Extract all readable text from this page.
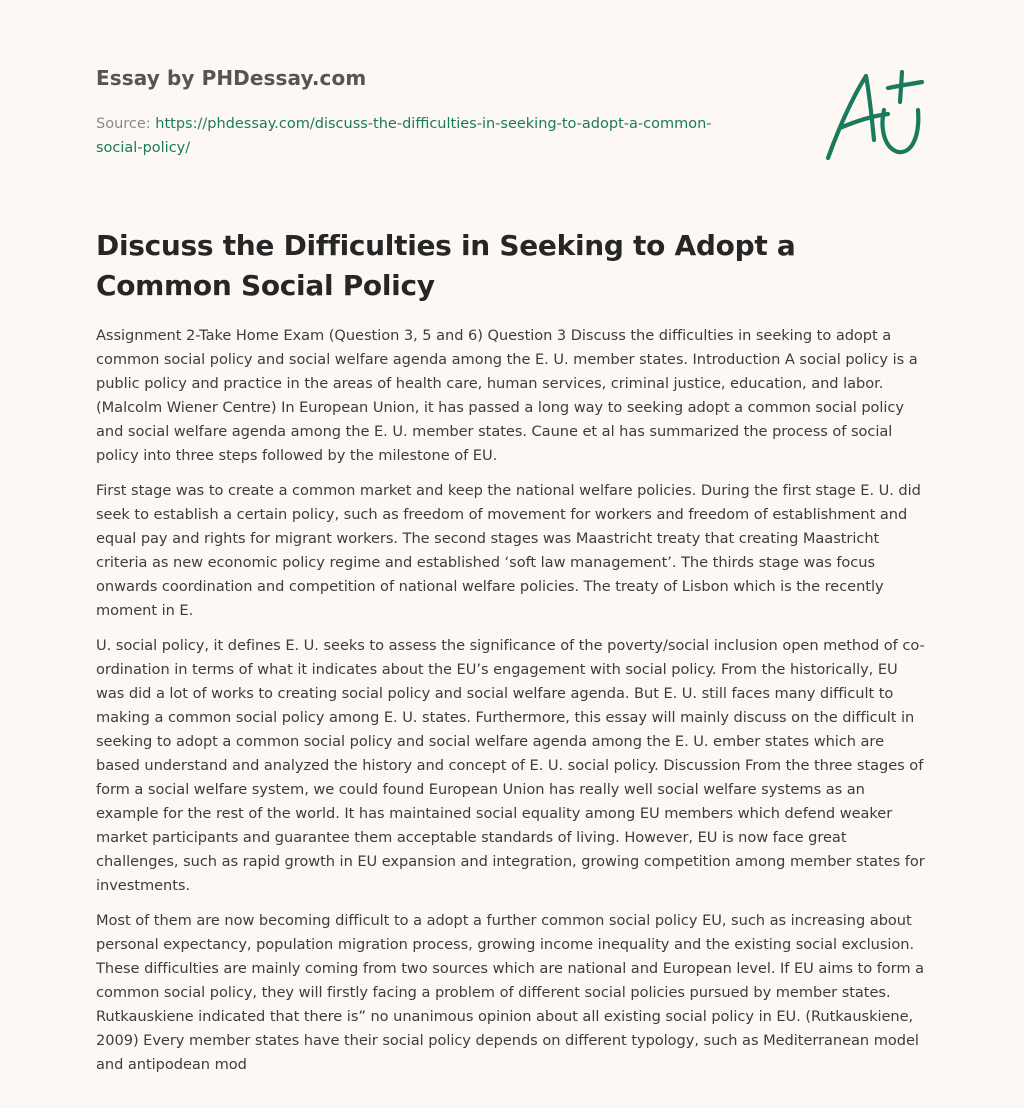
Essay by PHDessay.com
Source: https://phdessay.com/discuss-the-difficulties-in-seeking-to-adopt-a-common-
social-policy/
Discuss the Difficulties in Seeking to Adopt a Common Social Policy

Assignment 2-Take Home Exam (Question 3, 5 and 6) Question 3 Discuss the difficulties in seeking to adopt a common social policy and social welfare agenda among the E. U. member states. Introduction A social policy is a public policy and practice in the areas of health care, human services, criminal justice, education, and labor. (Malcolm Wiener Centre) In European Union, it has passed a long way to seeking adopt a common social policy and social welfare agenda among the E. U. member states. Caune et al has summarized the process of social policy into three steps followed by the milestone of EU.

First stage was to create a common market and keep the national welfare policies. During the first stage E. U. did seek to establish a certain policy, such as freedom of movement for workers and freedom of establishment and equal pay and rights for migrant workers. The second stages was Maastricht treaty that creating Maastricht criteria as new economic policy regime and established ‘soft law management’. The thirds stage was focus onwards coordination and competition of national welfare policies. The treaty of Lisbon which is the recently moment in E.

U. social policy, it defines E. U. seeks to assess the significance of the poverty/social inclusion open method of co-ordination in terms of what it indicates about the EU’s engagement with social policy. From the historically, EU was did a lot of works to creating social policy and social welfare agenda. But E. U. still faces many difficult to making a common social policy among E. U. states. Furthermore, this essay will mainly discuss on the difficult in seeking to adopt a common social policy and social welfare agenda among the E. U. ember states which are based understand and analyzed the history and concept of E. U. social policy. Discussion From the three stages of form a social welfare system, we could found European Union has really well social welfare systems as an example for the rest of the world. It has maintained social equality among EU members which defend weaker market participants and guarantee them acceptable standards of living. However, EU is now face great challenges, such as rapid growth in EU expansion and integration, growing competition among member states for investments.

Most of them are now becoming difficult to a adopt a further common social policy EU, such as increasing about personal expectancy, population migration process, growing income inequality and the existing social exclusion. These difficulties are mainly coming from two sources which are national and European level. If EU aims to form a common social policy, they will firstly facing a problem of different social policies pursued by member states. Rutkauskiene indicated that there is” no unanimous opinion about all existing social policy in EU. (Rutkauskiene, 2009) Every member states have their social policy depends on different typology, such as Mediterranean model and antipodean mod
